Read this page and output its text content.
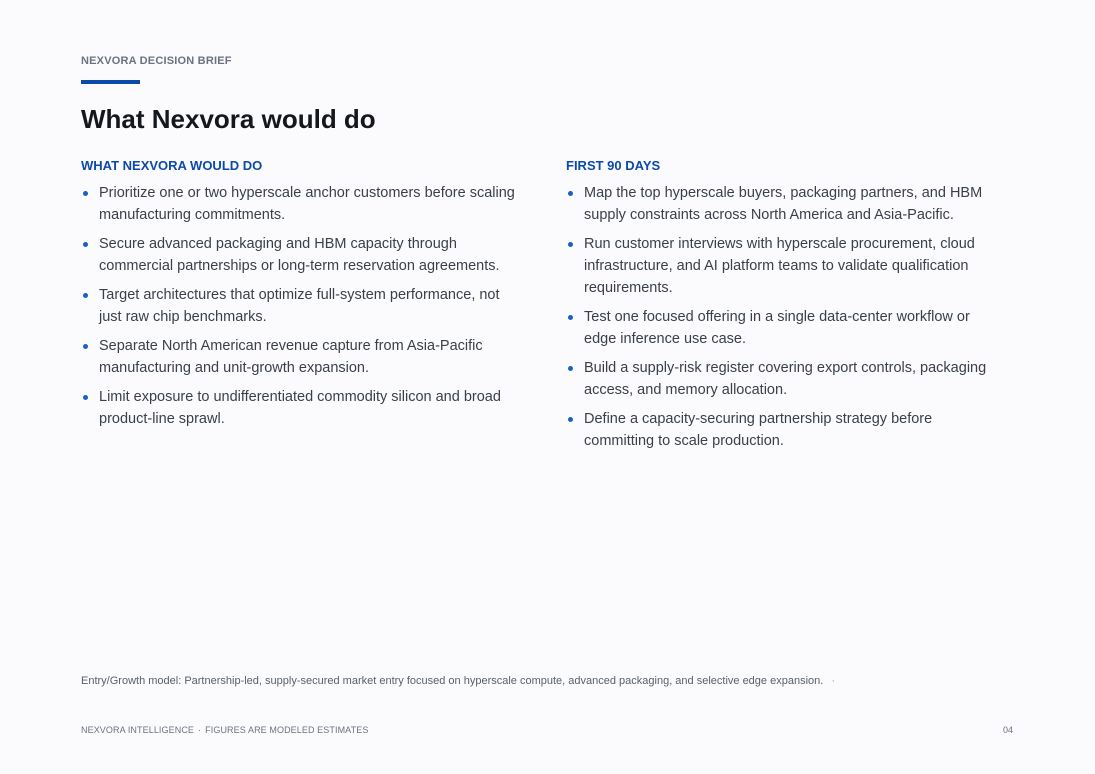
NEXVORA DECISION BRIEF
What Nexvora would do
WHAT NEXVORA WOULD DO
Prioritize one or two hyperscale anchor customers before scaling manufacturing commitments.
Secure advanced packaging and HBM capacity through commercial partnerships or long-term reservation agreements.
Target architectures that optimize full-system performance, not just raw chip benchmarks.
Separate North American revenue capture from Asia-Pacific manufacturing and unit-growth expansion.
Limit exposure to undifferentiated commodity silicon and broad product-line sprawl.
FIRST 90 DAYS
Map the top hyperscale buyers, packaging partners, and HBM supply constraints across North America and Asia-Pacific.
Run customer interviews with hyperscale procurement, cloud infrastructure, and AI platform teams to validate qualification requirements.
Test one focused offering in a single data-center workflow or edge inference use case.
Build a supply-risk register covering export controls, packaging access, and memory allocation.
Define a capacity-securing partnership strategy before committing to scale production.
Entry/Growth model: Partnership-led, supply-secured market entry focused on hyperscale compute, advanced packaging, and selective edge expansion. ·
NEXVORA INTELLIGENCE · FIGURES ARE MODELED ESTIMATES	04
